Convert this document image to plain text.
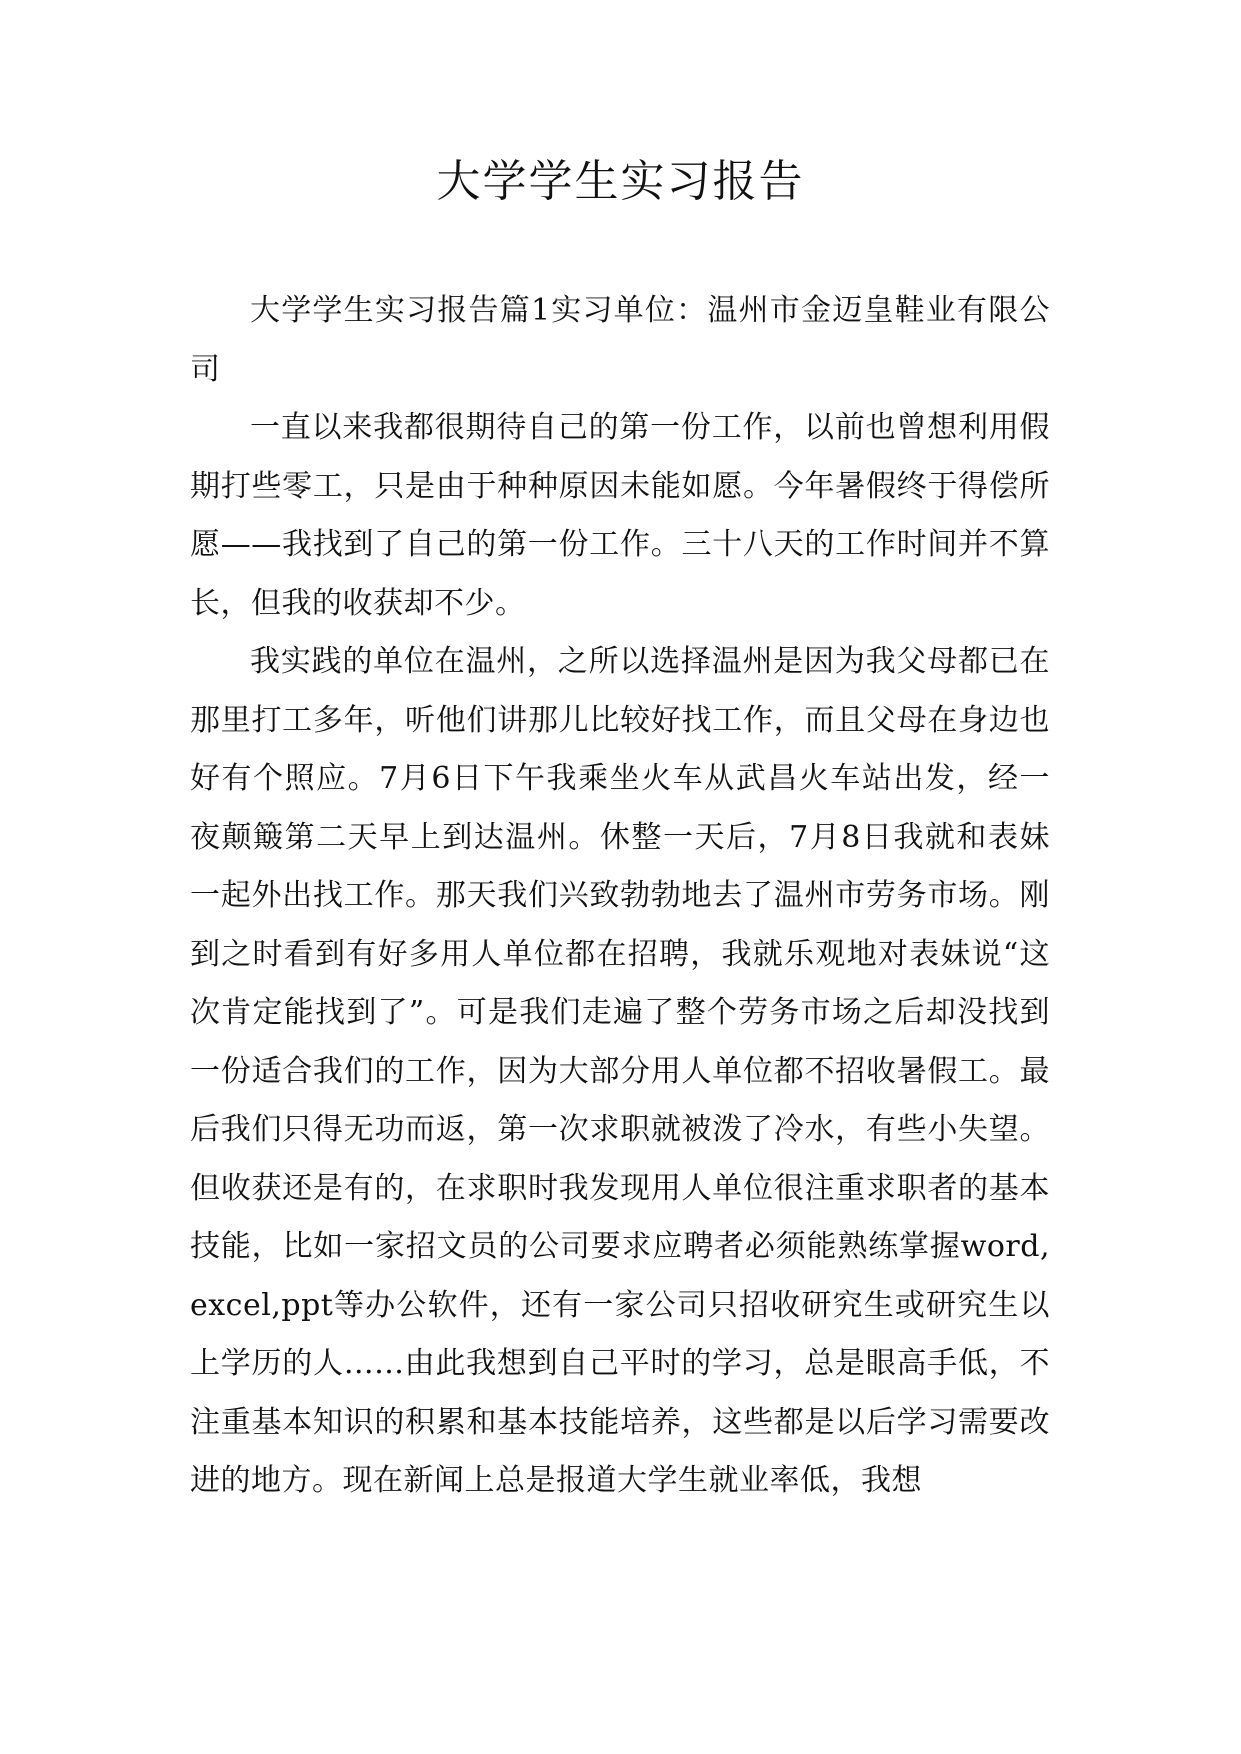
大学学生实习报告

大学学生实习报告篇1实习单位：温州市金迈皇鞋业有限公司

一直以来我都很期待自己的第一份工作，以前也曾想利用假期打些零工，只是由于种种原因未能如愿。今年暑假终于得偿所愿——我找到了自己的第一份工作。三十八天的工作时间并不算长，但我的收获却不少。

我实践的单位在温州，之所以选择温州是因为我父母都已在那里打工多年，听他们讲那儿比较好找工作，而且父母在身边也好有个照应。7月6日下午我乘坐火车从武昌火车站出发，经一夜颠簸第二天早上到达温州。休整一天后，7月8日我就和表妹一起外出找工作。那天我们兴致勃勃地去了温州市劳务市场。刚到之时看到有好多用人单位都在招聘，我就乐观地对表妹说“这次肯定能找到了”。可是我们走遍了整个劳务市场之后却没找到一份适合我们的工作，因为大部分用人单位都不招收暑假工。最后我们只得无功而返，第一次求职就被泼了冷水，有些小失望。但收获还是有的，在求职时我发现用人单位很注重求职者的基本技能，比如一家招文员的公司要求应聘者必须能熟练掌握word,excel,ppt等办公软件，还有一家公司只招收研究生或研究生以上学历的人…...由此我想到自己平时的学习，总是眼高手低，不注重基本知识的积累和基本技能培养，这些都是以后学习需要改进的地方。现在新闻上总是报道大学生就业率低，我想
